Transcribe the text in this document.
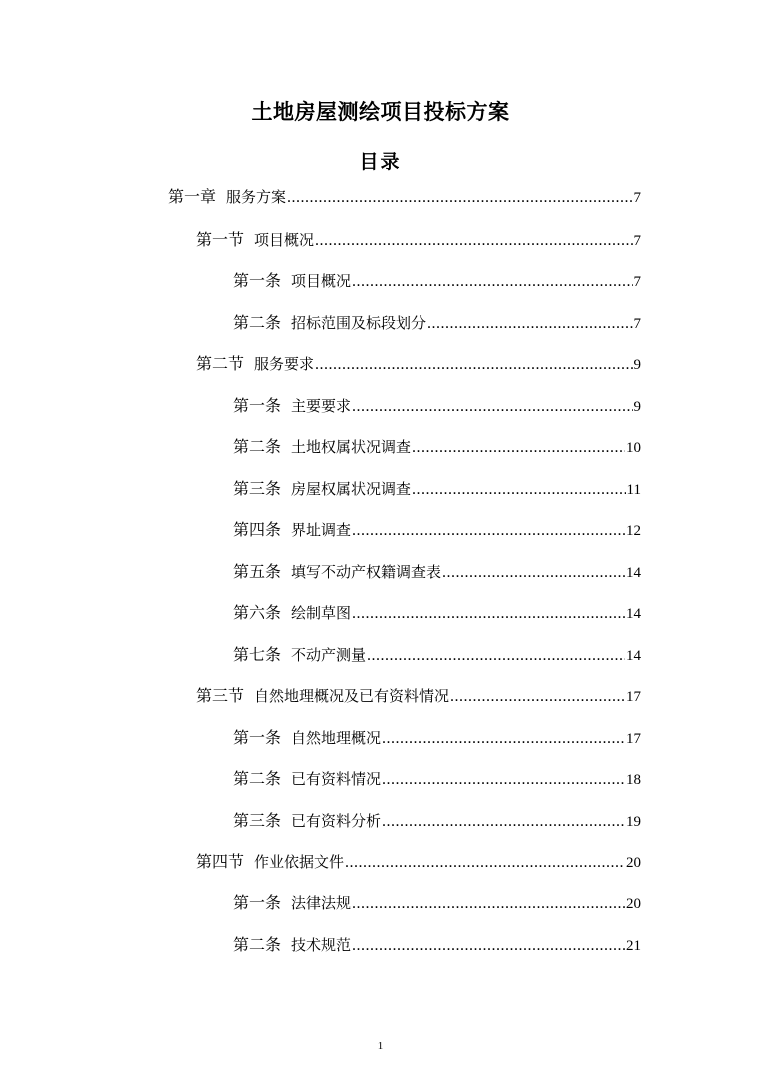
土地房屋测绘项目投标方案
目录
第一章 服务方案 .....	7
第一节 项目概况 .....	7
第一条 项目概况 .....	7
第二条 招标范围及标段划分 .....	7
第二节 服务要求 .....	9
第一条 主要要求 .....	9
第二条 土地权属状况调查 .....	10
第三条 房屋权属状况调查 .....	11
第四条 界址调查 .....	12
第五条 填写不动产权籍调查表 .....	14
第六条 绘制草图 .....	14
第七条 不动产测量 .....	14
第三节 自然地理概况及已有资料情况 .....	17
第一条 自然地理概况 .....	17
第二条 已有资料情况 .....	18
第三条 已有资料分析 .....	19
第四节 作业依据文件 .....	20
第一条 法律法规 .....	20
第二条 技术规范 .....	21
1
